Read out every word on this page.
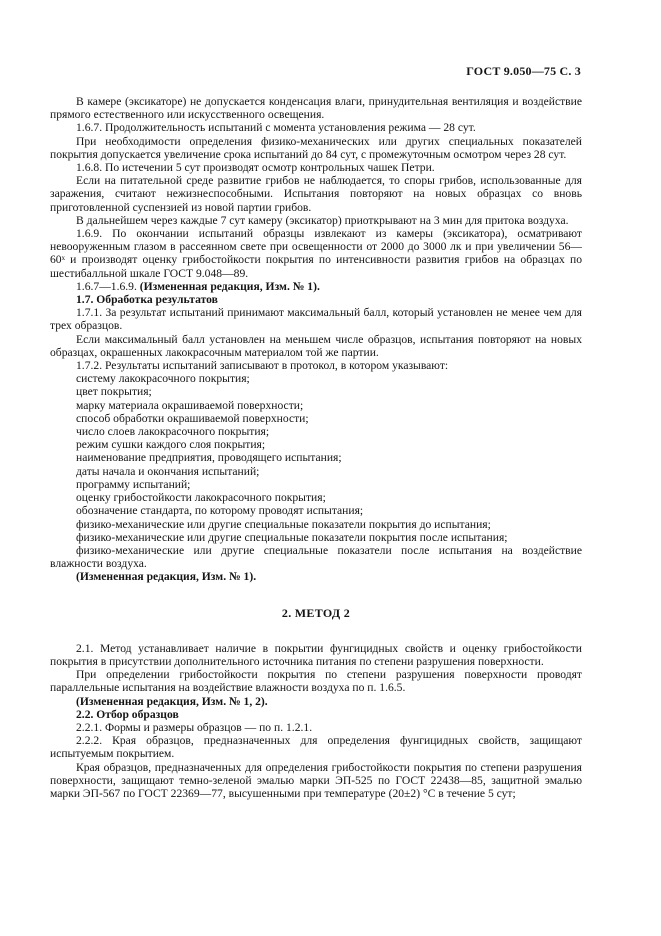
ГОСТ 9.050—75 С. 3

В камере (эксикаторе) не допускается конденсация влаги, принудительная вентиляция и воздействие прямого естественного или искусственного освещения.

1.6.7. Продолжительность испытаний с момента установления режима — 28 сут.

При необходимости определения физико-механических или других специальных показателей покрытия допускается увеличение срока испытаний до 84 сут, с промежуточным осмотром через 28 сут.

1.6.8. По истечении 5 сут производят осмотр контрольных чашек Петри.

Если на питательной среде развитие грибов не наблюдается, то споры грибов, использованные для заражения, считают нежизнеспособными. Испытания повторяют на новых образцах со вновь приготовленной суспензией из новой партии грибов.

В дальнейшем через каждые 7 сут камеру (эксикатор) приоткрывают на 3 мин для притока воздуха.

1.6.9. По окончании испытаний образцы извлекают из камеры (эксикатора), осматривают невооруженным глазом в рассеянном свете при освещенности от 2000 до 3000 лк и при увеличении 56—60ˣ и производят оценку грибостойкости покрытия по интенсивности развития грибов на образцах по шестибалльной шкале ГОСТ 9.048—89.

1.6.7—1.6.9. (Измененная редакция, Изм. № 1).

1.7. Обработка результатов

1.7.1. За результат испытаний принимают максимальный балл, который установлен не менее чем для трех образцов.

Если максимальный балл установлен на меньшем числе образцов, испытания повторяют на новых образцах, окрашенных лакокрасочным материалом той же партии.

1.7.2. Результаты испытаний записывают в протокол, в котором указывают:

систему лакокрасочного покрытия;

цвет покрытия;

марку материала окрашиваемой поверхности;

способ обработки окрашиваемой поверхности;

число слоев лакокрасочного покрытия;

режим сушки каждого слоя покрытия;

наименование предприятия, проводящего испытания;

даты начала и окончания испытаний;

программу испытаний;

оценку грибостойкости лакокрасочного покрытия;

обозначение стандарта, по которому проводят испытания;

физико-механические или другие специальные показатели покрытия до испытания;

физико-механические или другие специальные показатели покрытия после испытания;

физико-механические или другие специальные показатели после испытания на воздействие влажности воздуха.

(Измененная редакция, Изм. № 1).

2. МЕТОД 2

2.1. Метод устанавливает наличие в покрытии фунгицидных свойств и оценку грибостойкости покрытия в присутствии дополнительного источника питания по степени разрушения поверхности.

При определении грибостойкости покрытия по степени разрушения поверхности проводят параллельные испытания на воздействие влажности воздуха по п. 1.6.5.

(Измененная редакция, Изм. № 1, 2).

2.2. Отбор образцов

2.2.1. Формы и размеры образцов — по п. 1.2.1.

2.2.2. Края образцов, предназначенных для определения фунгицидных свойств, защищают испытуемым покрытием.

Края образцов, предназначенных для определения грибостойкости покрытия по степени разрушения поверхности, защищают темно-зеленой эмалью марки ЭП-525 по ГОСТ 22438—85, защитной эмалью марки ЭП-567 по ГОСТ 22369—77, высушенными при температуре (20±2) °С в течение 5 сут;
